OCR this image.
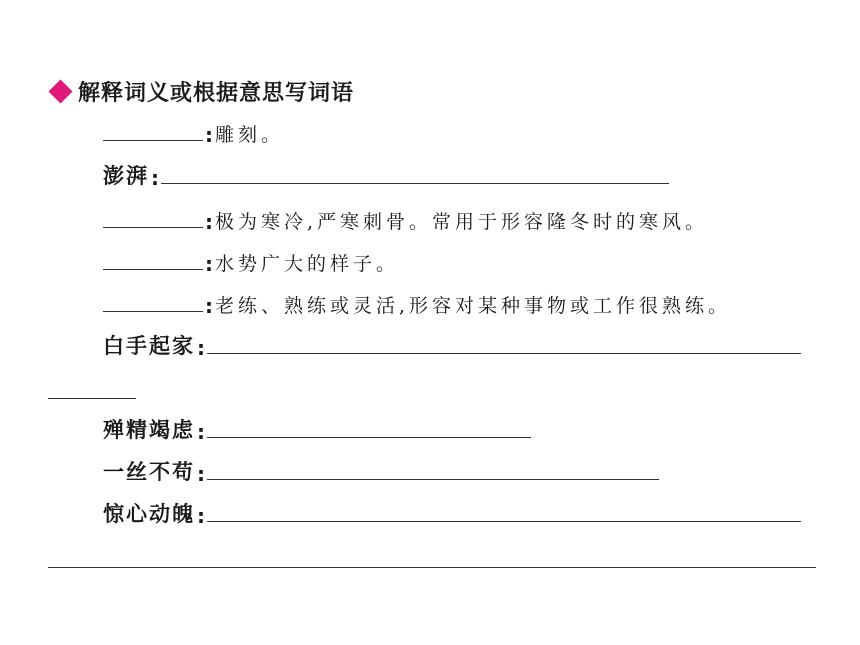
解释词义或根据意思写词语
: 雕刻。
澎湃 :
: 极为寒冷,严寒刺骨。常用于形容隆冬时的寒风。
: 水势广大的样子。
: 老练、熟练或灵活,形容对某种事物或工作很熟练。
白手起家 :
殚精竭虑 :
一丝不苟 :
惊心动魄 :
